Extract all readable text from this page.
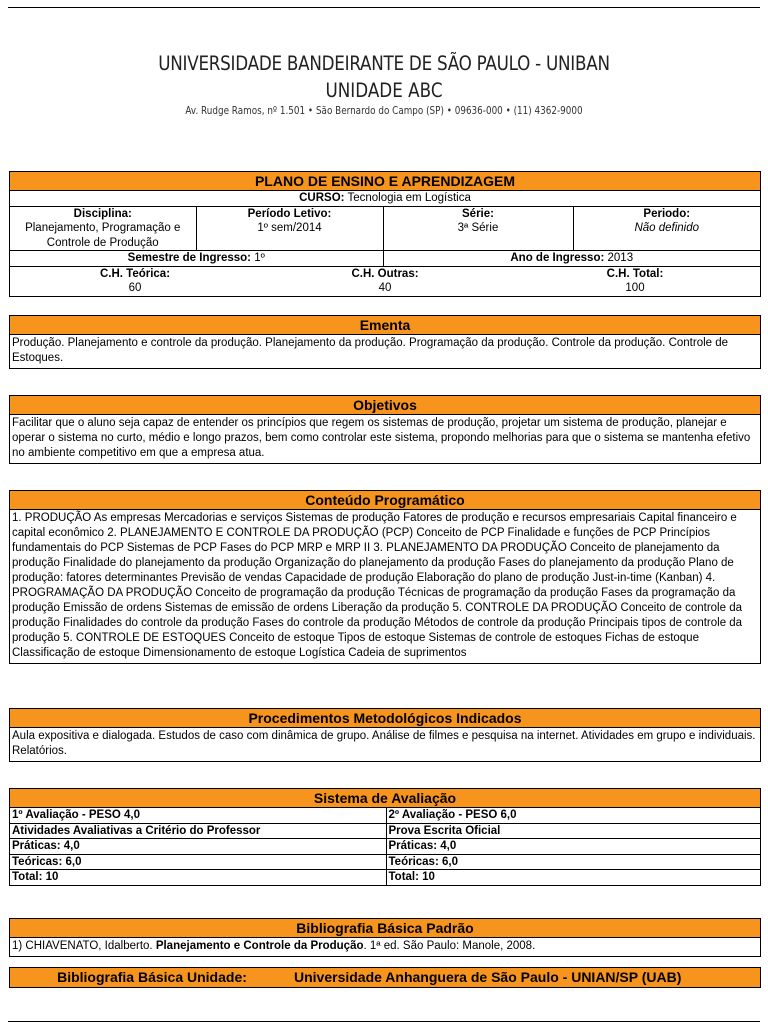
UNIVERSIDADE BANDEIRANTE DE SÃO PAULO - UNIBAN
UNIDADE ABC
Av. Rudge Ramos, nº 1.501 • São Bernardo do Campo (SP) • 09636-000 • (11) 4362-9000
PLANO DE ENSINO E APRENDIZAGEM
CURSO: Tecnologia em Logística

Disciplina:
Planejamento, Programação e Controle de Produção

Período Letivo:
1º sem/2014

Série:
3ª Série

Periodo:
Não definido
Semestre de Ingresso: 1º	Ano de Ingresso: 2013
C.H. Teórica:
60

C.H. Outras:
40

C.H. Total:
100
Ementa
Produção. Planejamento e controle da produção. Planejamento da produção. Programação da produção. Controle da produção. Controle de Estoques.
Objetivos
Facilitar que o aluno seja capaz de entender os princípios que regem os sistemas de produção, projetar um sistema de produção, planejar e operar o sistema no curto, médio e longo prazos, bem como controlar este sistema, propondo melhorias para que o sistema se mantenha efetivo no ambiente competitivo em que a empresa atua.
Conteúdo Programático
1. PRODUÇÃO As empresas Mercadorias e serviços Sistemas de produção Fatores de produção e recursos empresariais Capital financeiro e capital econômico 2. PLANEJAMENTO E CONTROLE DA PRODUÇÃO (PCP) Conceito de PCP Finalidade e funções de PCP Princípios fundamentais do PCP Sistemas de PCP Fases do PCP MRP e MRP II 3. PLANEJAMENTO DA PRODUÇÃO Conceito de planejamento da produção Finalidade do planejamento da produção Organização do planejamento da produção Fases do planejamento da produção Plano de produção: fatores determinantes Previsão de vendas Capacidade de produção Elaboração do plano de produção Just-in-time (Kanban) 4. PROGRAMAÇÃO DA PRODUÇÃO Conceito de programação da produção Técnicas de programação da produção Fases da programação da produção Emissão de ordens Sistemas de emissão de ordens Liberação da produção 5. CONTROLE DA PRODUÇÃO Conceito de controle da produção Finalidades do controle da produção Fases do controle da produção Métodos de controle da produção Principais tipos de controle da produção 5. CONTROLE DE ESTOQUES Conceito de estoque Tipos de estoque Sistemas de controle de estoques Fichas de estoque Classificação de estoque Dimensionamento de estoque Logística Cadeia de suprimentos
Procedimentos Metodológicos Indicados
Aula expositiva e dialogada. Estudos de caso com dinâmica de grupo. Análise de filmes e pesquisa na internet. Atividades em grupo e individuais. Relatórios.
Sistema de Avaliação
1º Avaliação - PESO 4,0	2º Avaliação - PESO 6,0
Atividades Avaliativas a Critério do Professor	Prova Escrita Oficial
Práticas: 4,0	Práticas: 4,0
Teóricas: 6,0	Teóricas: 6,0
Total: 10	Total: 10
Bibliografia Básica Padrão
1) CHIAVENATO, Idalberto. Planejamento e Controle da Produção. 1ª ed. São Paulo: Manole, 2008.
Bibliografia Básica Unidade:	Universidade Anhanguera de São Paulo - UNIAN/SP (UAB)
